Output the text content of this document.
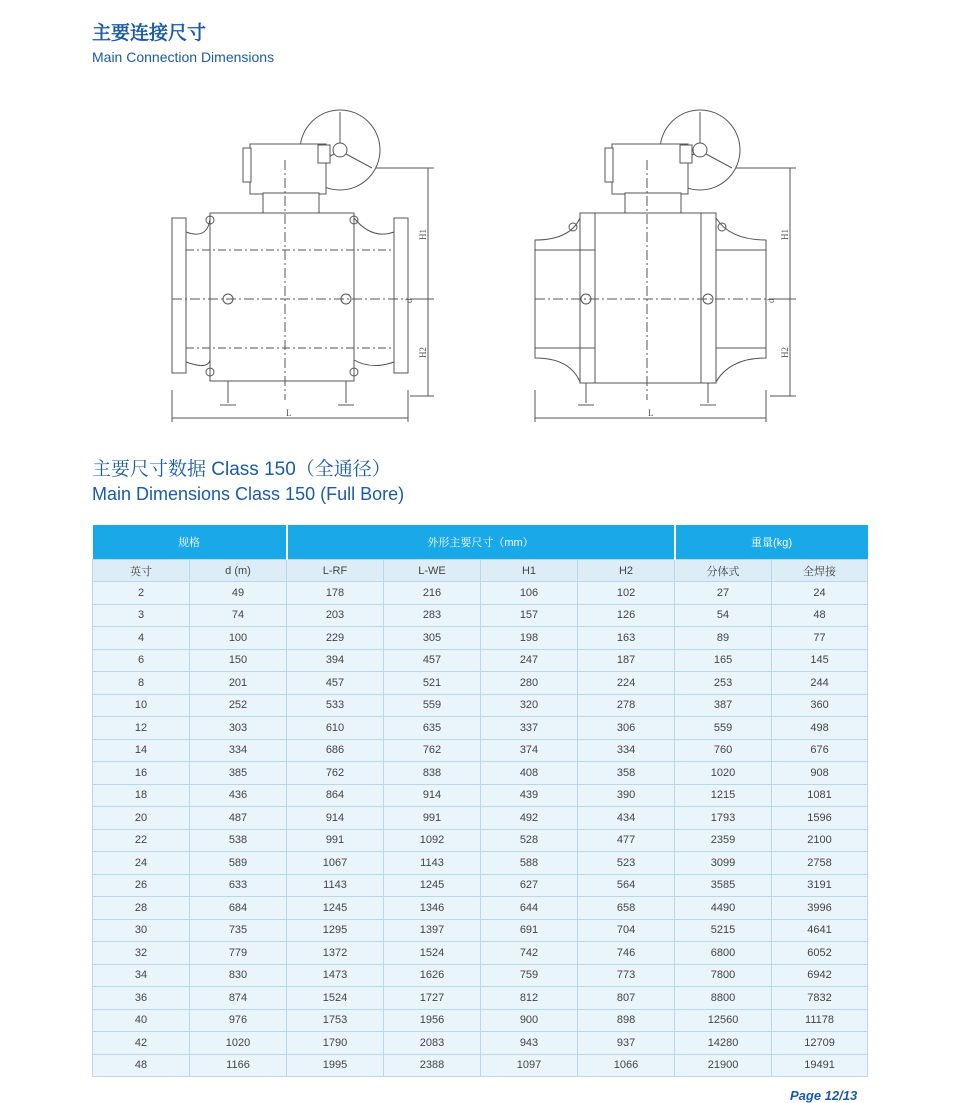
主要连接尺寸
Main Connection Dimensions
L	L
H1
H2
d
H1
H2
d
主要尺寸数据 Class 150（全通径）
Main Dimensions Class 150 (Full Bore)
规格		外形主要尺寸（mm）				重量(kg)	
英寸	d (m)	L-RF	L-WE	H1	H2	分体式	全焊接
2	49	178	216	106	102	27	24
3	74	203	283	157	126	54	48
4	100	229	305	198	163	89	77
6	150	394	457	247	187	165	145
8	201	457	521	280	224	253	244
10	252	533	559	320	278	387	360
12	303	610	635	337	306	559	498
14	334	686	762	374	334	760	676
16	385	762	838	408	358	1020	908
18	436	864	914	439	390	1215	1081
20	487	914	991	492	434	1793	1596
22	538	991	1092	528	477	2359	2100
24	589	1067	1143	588	523	3099	2758
26	633	1143	1245	627	564	3585	3191
28	684	1245	1346	644	658	4490	3996
30	735	1295	1397	691	704	5215	4641
32	779	1372	1524	742	746	6800	6052
34	830	1473	1626	759	773	7800	6942
36	874	1524	1727	812	807	8800	7832
40	976	1753	1956	900	898	12560	11178
42	1020	1790	2083	943	937	14280	12709
48	1166	1995	2388	1097	1066	21900	19491
Page 12/13
